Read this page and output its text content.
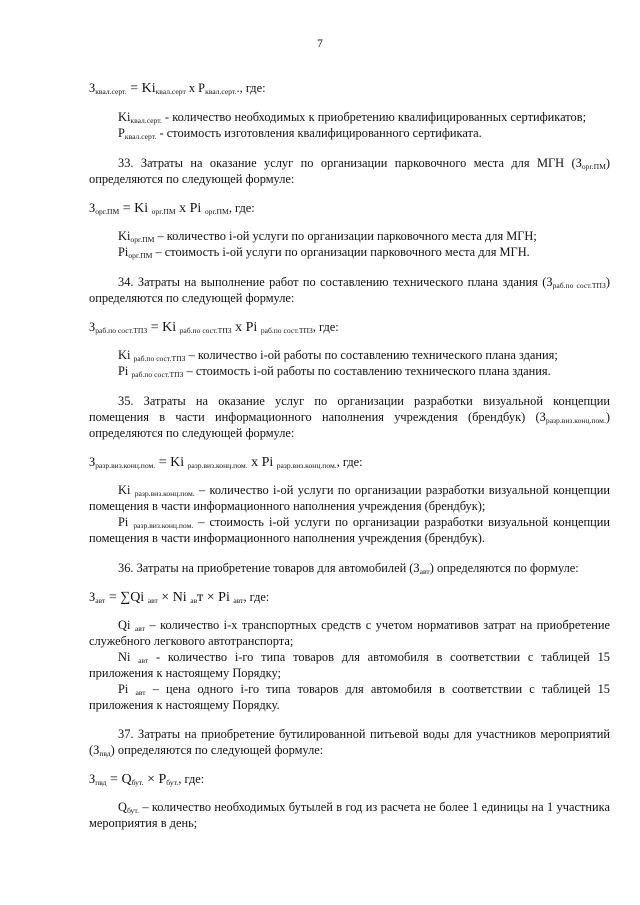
7
$З_{квал.серт.} = Ki_{квал.серт}$ x $P_{квал.серт.}$., где:
$Ki_{квал.серт.}$ - количество необходимых к приобретению квалифицированных сертификатов;
$P_{квал.серт.}$ - стоимость изготовления квалифицированного сертификата.
33. Затраты на оказание услуг по организации парковочного места для МГН $(З_{орг.ПМ})$
определяются по следующей формуле:
$З_{орг.ПМ} = Ki$ $_{орг.ПМ}$ x Pi $_{орг.ПМ}$, где:
$Ki_{орг.ПМ}$ – количество i-ой услуги по организации парковочного места для МГН;
$Pi_{орг.ПМ}$ – стоимость i-ой услуги по организации парковочного места для МГН.
34. Затраты на выполнение работ по составлению технического плана здания $(З_{раб.по сост.ТПЗ})$
определяются по следующей формуле:
$З_{раб.по сост.ТПЗ} = Ki$ $_{раб.по сост.ТПЗ}$ x Pi $_{раб.по сост.ТПЗ}$, где:
Ki $_{раб.по сост.ТПЗ}$ – количество i-ой работы по составлению технического плана здания;
Pi $_{раб.по сост.ТПЗ}$ – стоимость i-ой работы по составлению технического плана здания.
35. Затраты на оказание услуг по организации разработки визуальной концепции
помещения в части информационного наполнения учреждения (брендбук) $(З_{разр.виз.конц.пом.})$
определяются по следующей формуле:
$З_{разр.виз.конц.пом.} = Ki$ $_{разр.виз.конц.пом.}$ x Pi $_{разр.виз.конц.пом.}$, где:
Ki $_{разр.виз.конц.пом.}$ – количество i-ой услуги по организации разработки визуальной концепции
помещения в части информационного наполнения учреждения (брендбук);
Pi $_{разр.виз.конц.пом.}$ – стоимость i-ой услуги по организации разработки визуальной концепции
помещения в части информационного наполнения учреждения (брендбук).
36. Затраты на приобретение товаров для автомобилей $(З_{авт})$ определяются по формуле:
$З_{авт} = \sum Qi$ $_{авт}$ × Ni $_{ав}$т × Pi $_{авт}$, где:
Qi $_{авт}$ – количество i-х транспортных средств с учетом нормативов затрат на приобретение
служебного легкового автотранспорта;
Ni $_{авт}$ - количество i-го типа товаров для автомобиля в соответствии с таблицей 15
приложения к настоящему Порядку;
Pi $_{авт}$ – цена одного i-го типа товаров для автомобиля в соответствии с таблицей 15
приложения к настоящему Порядку.
37. Затраты на приобретение бутилированной питьевой воды для участников мероприятий
$(З_{пвд})$ определяются по следующей формуле:
$З_{пвд} = Q_{бут.} \times P_{бут.}$, где:
$Q_{бут.}$ – количество необходимых бутылей в год из расчета не более 1 единицы на 1 участника
мероприятия в день;
